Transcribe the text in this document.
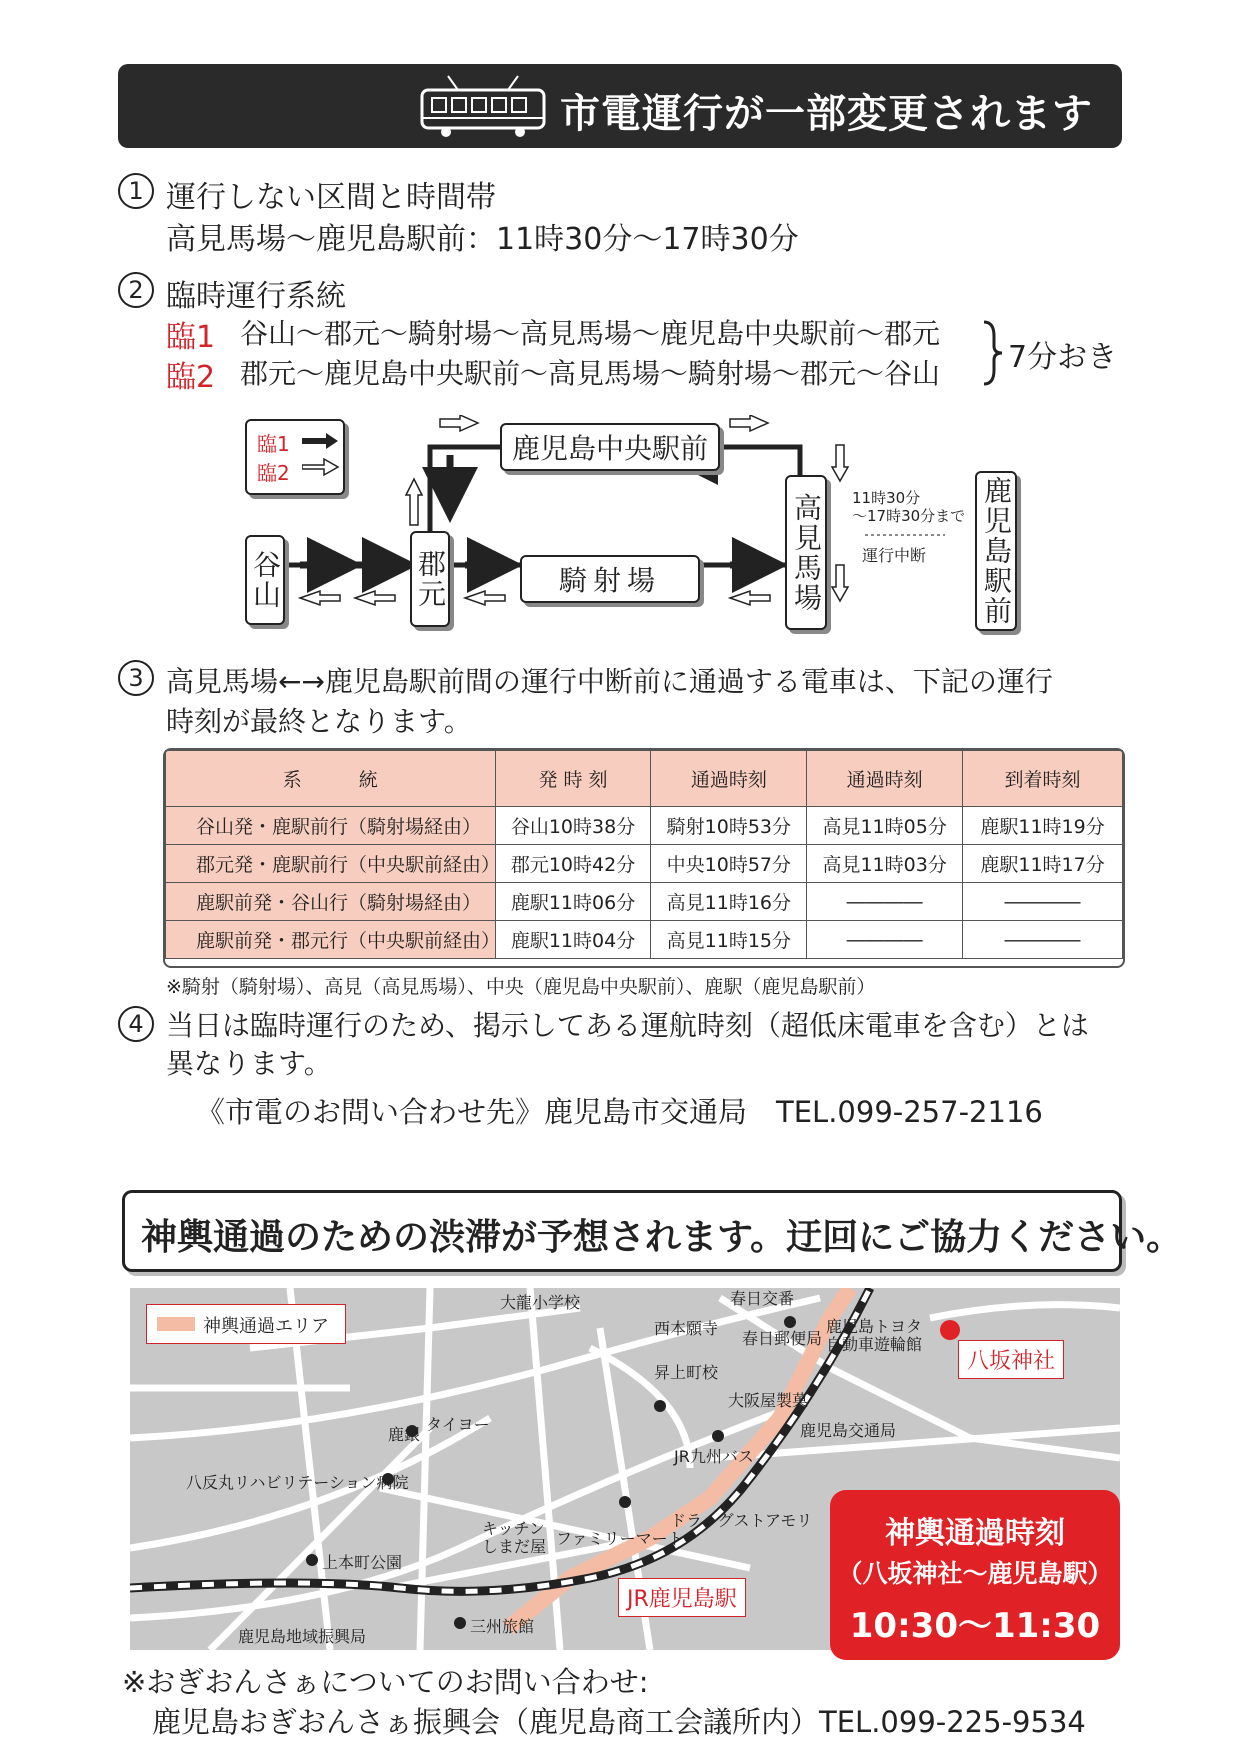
市電運行が一部変更されます
1 運行しない区間と時間帯
高見馬場～鹿児島駅前：11時30分～17時30分
2 臨時運行系統
臨1 谷山～郡元～騎射場～高見馬場～鹿児島中央駅前～郡元
臨2 郡元～鹿児島中央駅前～高見馬場～騎射場～郡元～谷山 7分おき
臨1
臨2
谷山	郡元
鹿児島中央駅前
騎射場	高見馬場	鹿児島駅前
11時30分
～17時30分まで
運行中断
3 高見馬場←→鹿児島駅前間の運行中断前に通過する電車は、下記の運行
時刻が最終となります。
系　　　統	発 時 刻	通過時刻	通過時刻	到着時刻
谷山発・鹿駅前行（騎射場経由）	谷山10時38分	騎射10時53分	高見11時05分	鹿駅11時19分
郡元発・鹿駅前行（中央駅前経由）	郡元10時42分	中央10時57分	高見11時03分	鹿駅11時17分
鹿駅前発・谷山行（騎射場経由）	鹿駅11時06分	高見11時16分	――――	――――
鹿駅前発・郡元行（中央駅前経由）	鹿駅11時04分	高見11時15分	――――	――――
※騎射（騎射場）、高見（高見馬場）、中央（鹿児島中央駅前）、鹿駅（鹿児島駅前）
4 当日は臨時運行のため、掲示してある運航時刻（超低床電車を含む）とは
異なります。
《市電のお問い合わせ先》鹿児島市交通局　TEL.099-257-2116
神輿通過のための渋滞が予想されます。迂回にご協力ください。
神輿通過エリア
大龍小学校	春日交番
西本願寺
春日郵便局
鹿児島トヨタ
自動車遊輪館
昇上町校
大阪屋製菓
鹿児島交通局
鹿銀
タイヨー
JR九州バス
八反丸リハビリテーション病院
ドラッグストアモリ
キッチン
しまだ屋 ファミリーマート
上本町公園
鹿児島地域振興局
三州旅館
八坂神社
JR鹿児島駅
神輿通過時刻
（八坂神社～鹿児島駅）
10:30～11:30
※おぎおんさぁについてのお問い合わせ:
鹿児島おぎおんさぁ振興会（鹿児島商工会議所内）TEL.099-225-9534
